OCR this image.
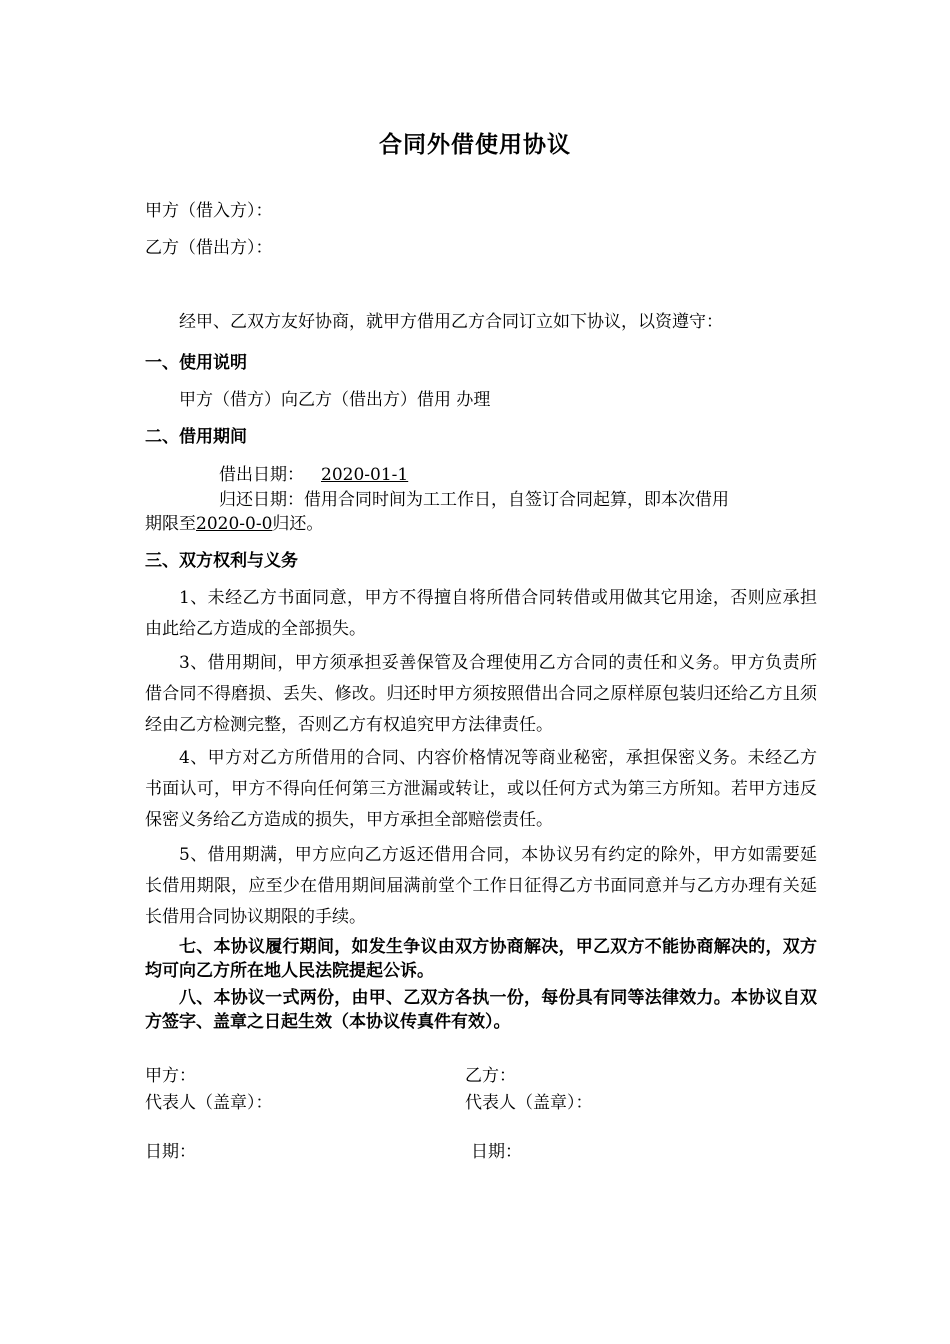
合同外借使用协议
甲方（借入方）：
乙方（借出方）：
经甲、乙双方友好协商，就甲方借用乙方合同订立如下协议，以资遵守：
一、使用说明
甲方（借方）向乙方（借出方）借用 办理
二、借用期间
借出日期： 2020-01-1
归还日期：借用合同时间为工工作日，自签订合同起算，即本次借用
期限至2020-0-0归还。
三、双方权利与义务
1、未经乙方书面同意，甲方不得擅自将所借合同转借或用做其它用途，否则应承担由此给乙方造成的全部损失。
3、借用期间，甲方须承担妥善保管及合理使用乙方合同的责任和义务。甲方负责所借合同不得磨损、丢失、修改。归还时甲方须按照借出合同之原样原包装归还给乙方且须经由乙方检测完整，否则乙方有权追究甲方法律责任。
4、甲方对乙方所借用的合同、内容价格情况等商业秘密，承担保密义务。未经乙方书面认可，甲方不得向任何第三方泄漏或转让，或以任何方式为第三方所知。若甲方违反保密义务给乙方造成的损失，甲方承担全部赔偿责任。
5、借用期满，甲方应向乙方返还借用合同，本协议另有约定的除外，甲方如需要延长借用期限，应至少在借用期间届满前堂个工作日征得乙方书面同意并与乙方办理有关延长借用合同协议期限的手续。
七、本协议履行期间，如发生争议由双方协商解决，甲乙双方不能协商解决的，双方均可向乙方所在地人民法院提起公诉。
八、本协议一式两份，由甲、乙双方各执一份，每份具有同等法律效力。本协议自双方签字、盖章之日起生效（本协议传真件有效）。
甲方：	乙方：
代表人（盖章）：	代表人（盖章）：
日期：	日期：
